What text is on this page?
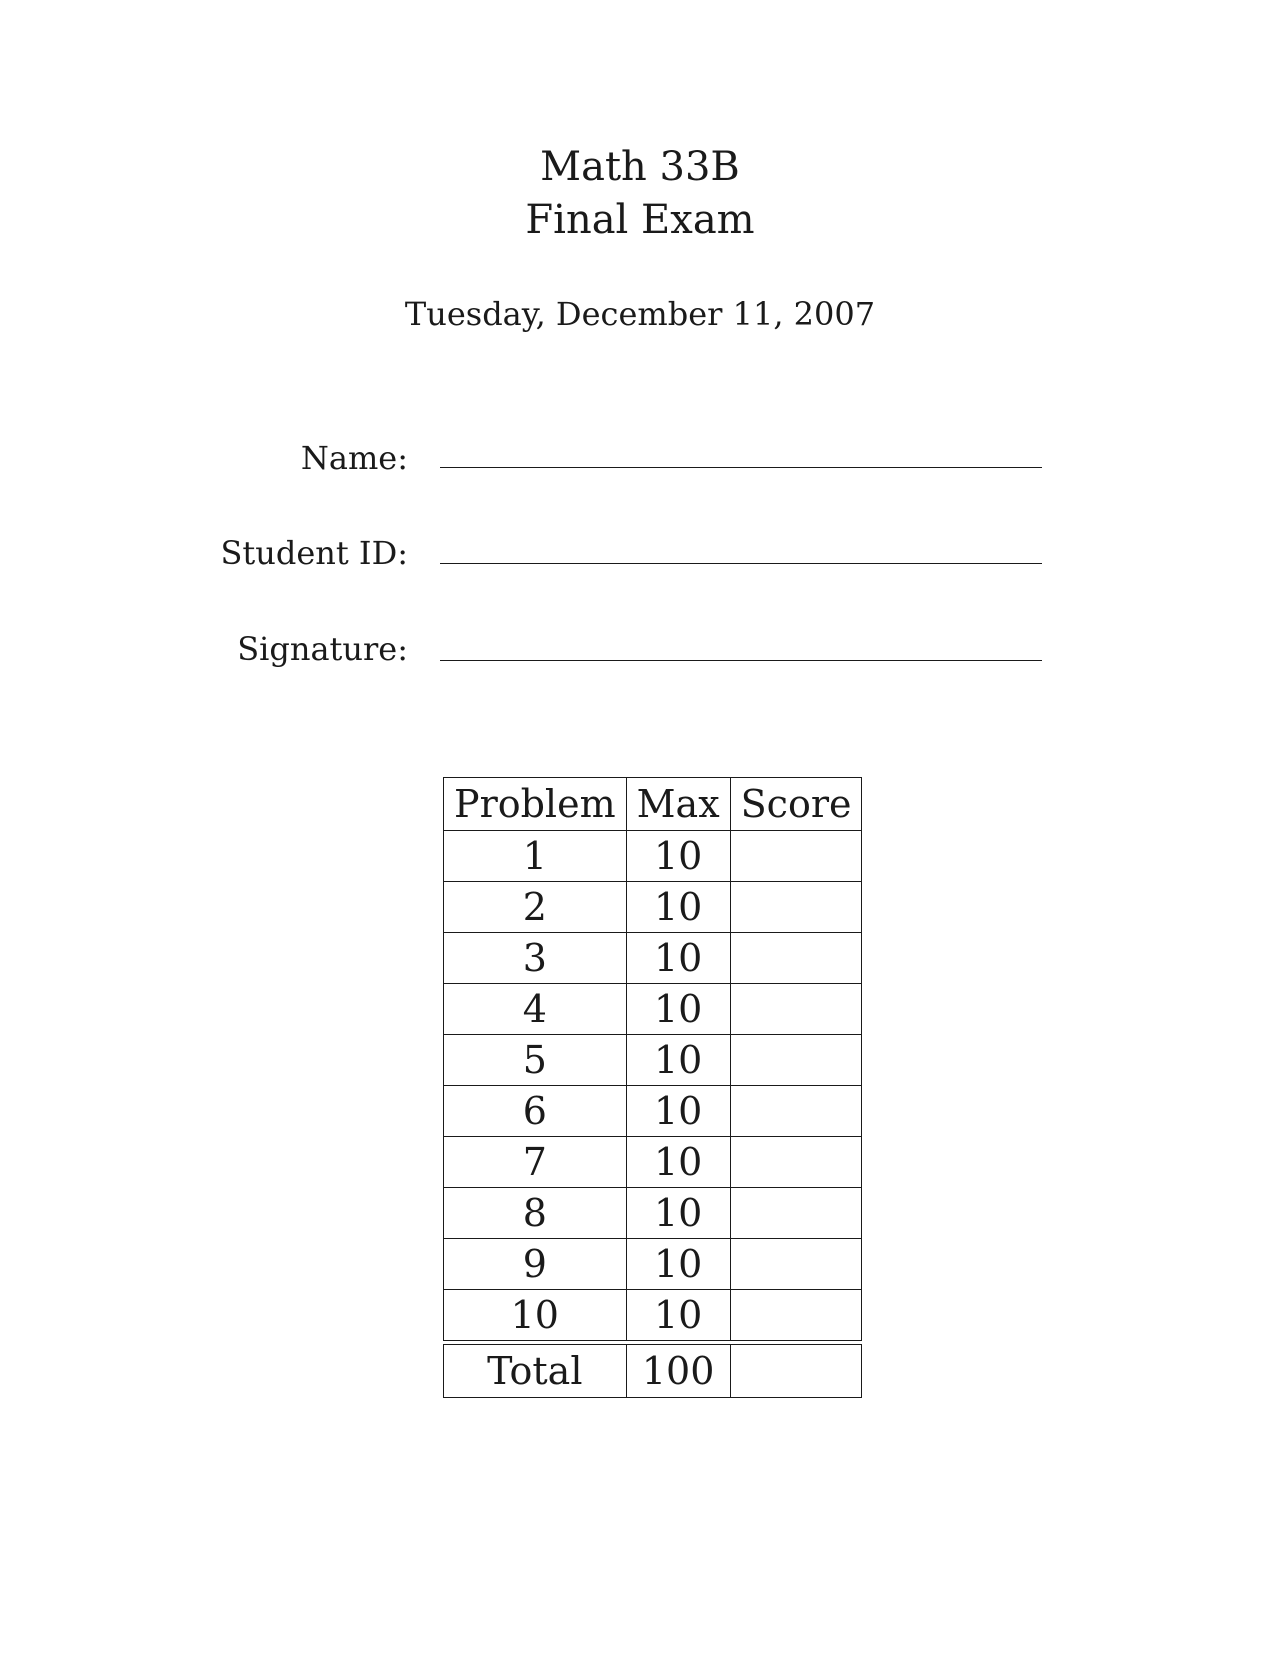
Math 33B
Final Exam
Tuesday, December 11, 2007
Name:
Student ID:
Signature:
Problem	Max	Score
1	10	
2	10	
3	10	
4	10	
5	10	
6	10	
7	10	
8	10	
9	10	
10	10	

Total	100	
